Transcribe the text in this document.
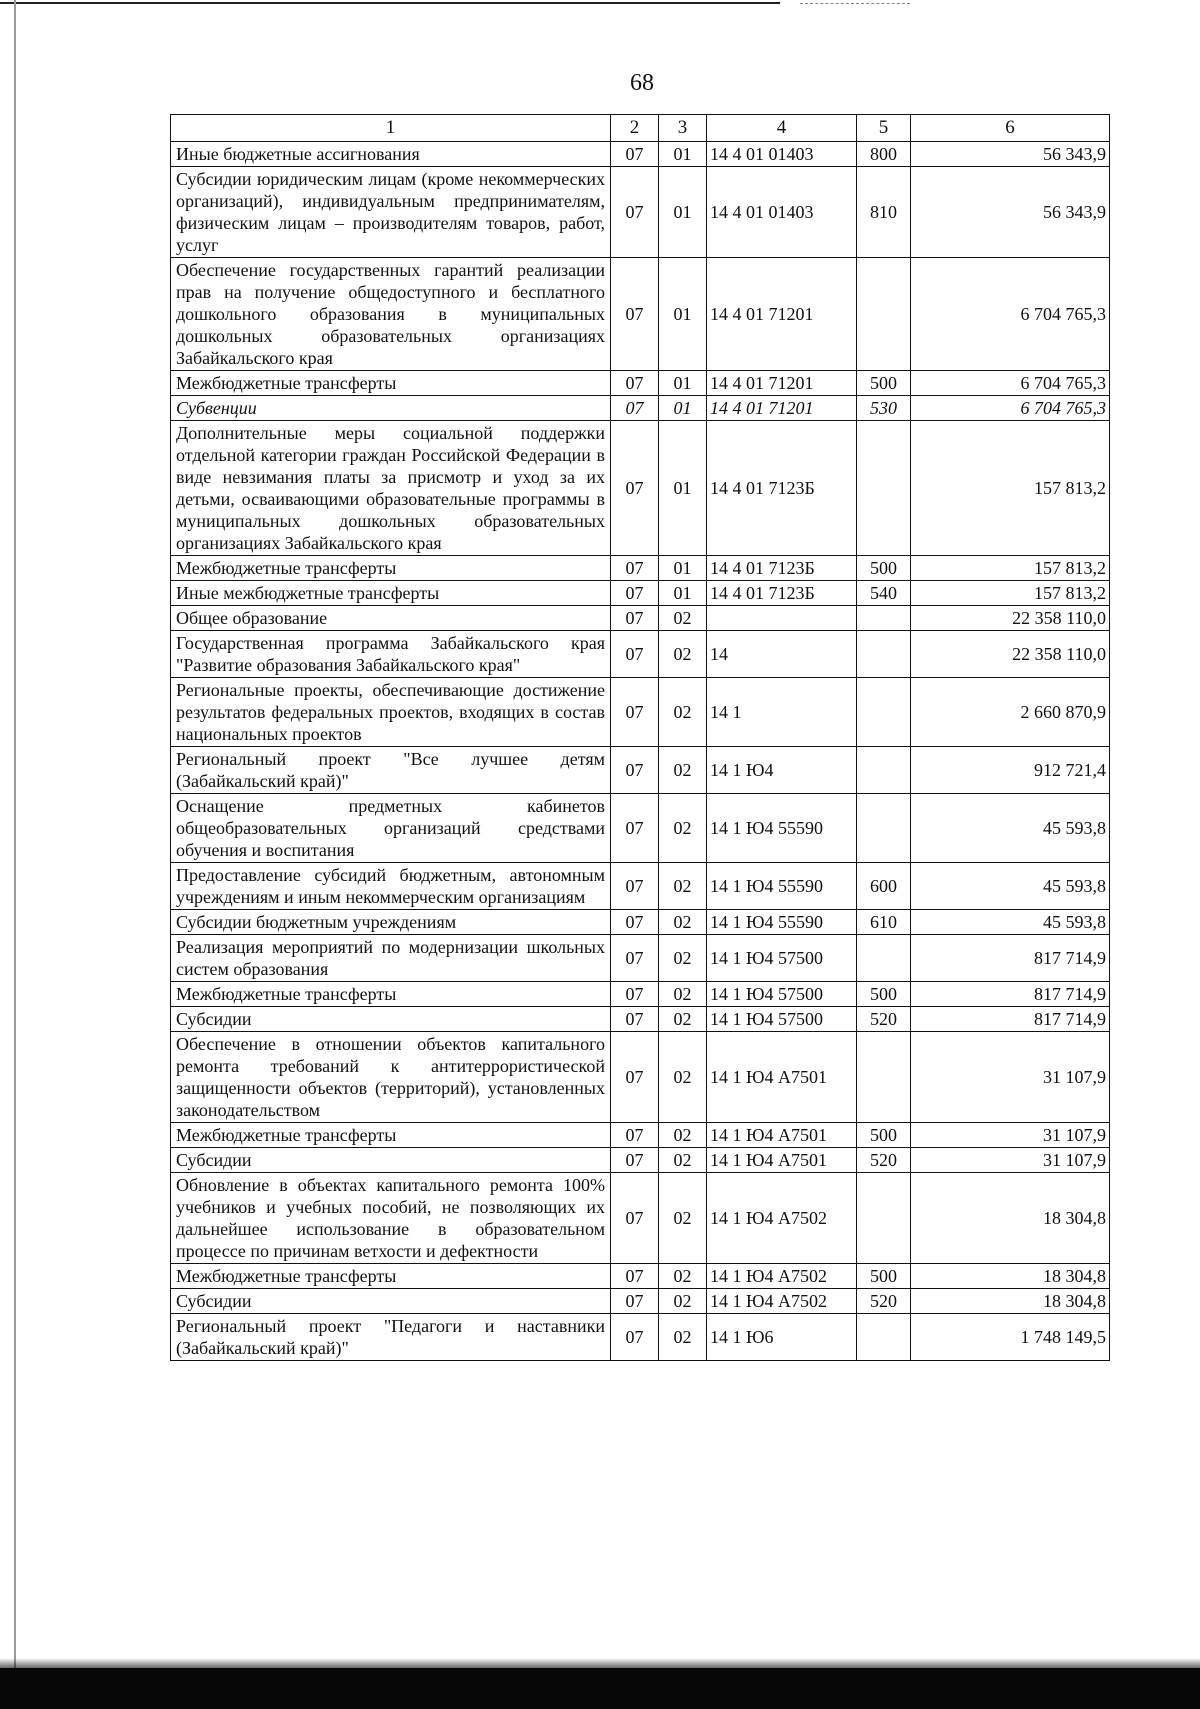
68
1	2	3	4	5	6
Иные бюджетные ассигнования	07	01	14 4 01 01403	800	56 343,9
Субсидии юридическим лицам (кроме некоммерческих организаций), индивидуальным предпринимателям, физическим лицам – производителям товаров, работ, услуг	07	01	14 4 01 01403	810	56 343,9
Обеспечение государственных гарантий реализации прав на получение общедоступного и бесплатного дошкольного образования в муниципальных дошкольных образовательных организациях Забайкальского края	07	01	14 4 01 71201		6 704 765,3
Межбюджетные трансферты	07	01	14 4 01 71201	500	6 704 765,3
Субвенции	07	01	14 4 01 71201	530	6 704 765,3
Дополнительные меры социальной поддержки отдельной категории граждан Российской Федерации в виде невзимания платы за присмотр и уход за их детьми, осваивающими образовательные программы в муниципальных дошкольных образовательных организациях Забайкальского края	07	01	14 4 01 7123Б		157 813,2
Межбюджетные трансферты	07	01	14 4 01 7123Б	500	157 813,2
Иные межбюджетные трансферты	07	01	14 4 01 7123Б	540	157 813,2
Общее образование	07	02			22 358 110,0
Государственная программа Забайкальского края "Развитие образования Забайкальского края"	07	02	14		22 358 110,0
Региональные проекты, обеспечивающие достижение результатов федеральных проектов, входящих в состав национальных проектов	07	02	14 1		2 660 870,9
Региональный проект "Все лучшее детям (Забайкальский край)"	07	02	14 1 Ю4		912 721,4
Оснащение предметных кабинетов общеобразовательных организаций средствами обучения и воспитания	07	02	14 1 Ю4 55590		45 593,8
Предоставление субсидий бюджетным, автономным учреждениям и иным некоммерческим организациям	07	02	14 1 Ю4 55590	600	45 593,8
Субсидии бюджетным учреждениям	07	02	14 1 Ю4 55590	610	45 593,8
Реализация мероприятий по модернизации школьных систем образования	07	02	14 1 Ю4 57500		817 714,9
Межбюджетные трансферты	07	02	14 1 Ю4 57500	500	817 714,9
Субсидии	07	02	14 1 Ю4 57500	520	817 714,9
Обеспечение в отношении объектов капитального ремонта требований к антитеррористической защищенности объектов (территорий), установленных законодательством	07	02	14 1 Ю4 А7501		31 107,9
Межбюджетные трансферты	07	02	14 1 Ю4 А7501	500	31 107,9
Субсидии	07	02	14 1 Ю4 А7501	520	31 107,9
Обновление в объектах капитального ремонта 100% учебников и учебных пособий, не позволяющих их дальнейшее использование в образовательном процессе по причинам ветхости и дефектности	07	02	14 1 Ю4 А7502		18 304,8
Межбюджетные трансферты	07	02	14 1 Ю4 А7502	500	18 304,8
Субсидии	07	02	14 1 Ю4 А7502	520	18 304,8
Региональный проект "Педагоги и наставники (Забайкальский край)"	07	02	14 1 Ю6		1 748 149,5
